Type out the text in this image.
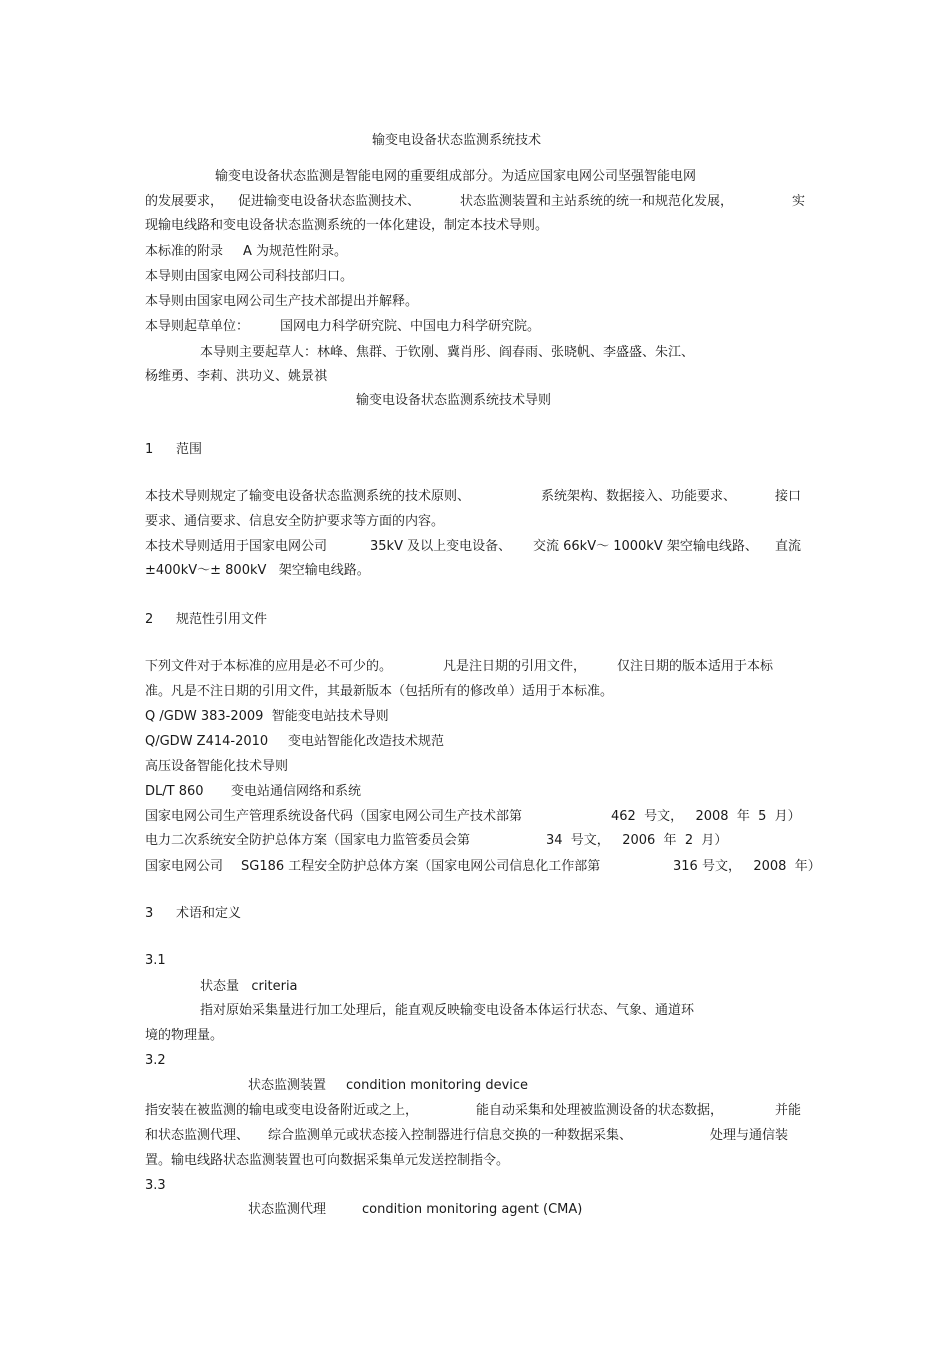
输变电设备状态监测系统技术
输变电设备状态监测是智能电网的重要组成部分。为适应国家电网公司坚强智能电网
的发展要求， 促进输变电设备状态监测技术、	状态监测装置和主站系统的统一和规范化发展，	实
现输电线路和变电设备状态监测系统的一体化建设，制定本技术导则。
本标准的附录 A 为规范性附录。
本导则由国家电网公司科技部归口。
本导则由国家电网公司生产技术部提出并解释。
本导则起草单位： 国网电力科学研究院、中国电力科学研究院。
本导则主要起草人：林峰、焦群、于钦刚、冀肖彤、阎春雨、张晓帆、李盛盛、朱江、
杨维勇、李莉、洪功义、姚景祺
输变电设备状态监测系统技术导则
1 范围
本技术导则规定了输变电设备状态监测系统的技术原则、	系统架构、数据接入、功能要求、	接口
要求、通信要求、信息安全防护要求等方面的内容。
本技术导则适用于国家电网公司	35kV 及以上变电设备、 交流 66kV～ 1000kV 架空输电线路、 直流
±400kV～± 800kV   架空输电线路。
2 规范性引用文件
下列文件对于本标准的应用是必不可少的。	凡是注日期的引用文件， 仅注日期的版本适用于本标
准。凡是不注日期的引用文件，其最新版本（包括所有的修改单）适用于本标准。
Q /GDW 383-2009  智能变电站技术导则
Q/GDW Z414-2010 变电站智能化改造技术规范
高压设备智能化技术导则
DL/T 860 变电站通信网络和系统
国家电网公司生产管理系统设备代码（国家电网公司生产技术部第	462  号文，   2008  年  5  月）
电力二次系统安全防护总体方案（国家电力监管委员会第	34  号文，   2006  年  2  月）
国家电网公司 SG186 工程安全防护总体方案（国家电网公司信息化工作部第	316 号文，   2008  年）
3 术语和定义
3.1
状态量   criteria
指对原始采集量进行加工处理后，能直观反映输变电设备本体运行状态、气象、通道环
境的物理量。
3.2
状态监测装置 condition monitoring device
指安装在被监测的输电或变电设备附近或之上，	能自动采集和处理被监测设备的状态数据，	并能
和状态监测代理、 综合监测单元或状态接入控制器进行信息交换的一种数据采集、	处理与通信装
置。输电线路状态监测装置也可向数据采集单元发送控制指令。
3.3
状态监测代理	condition monitoring agent (CMA)
